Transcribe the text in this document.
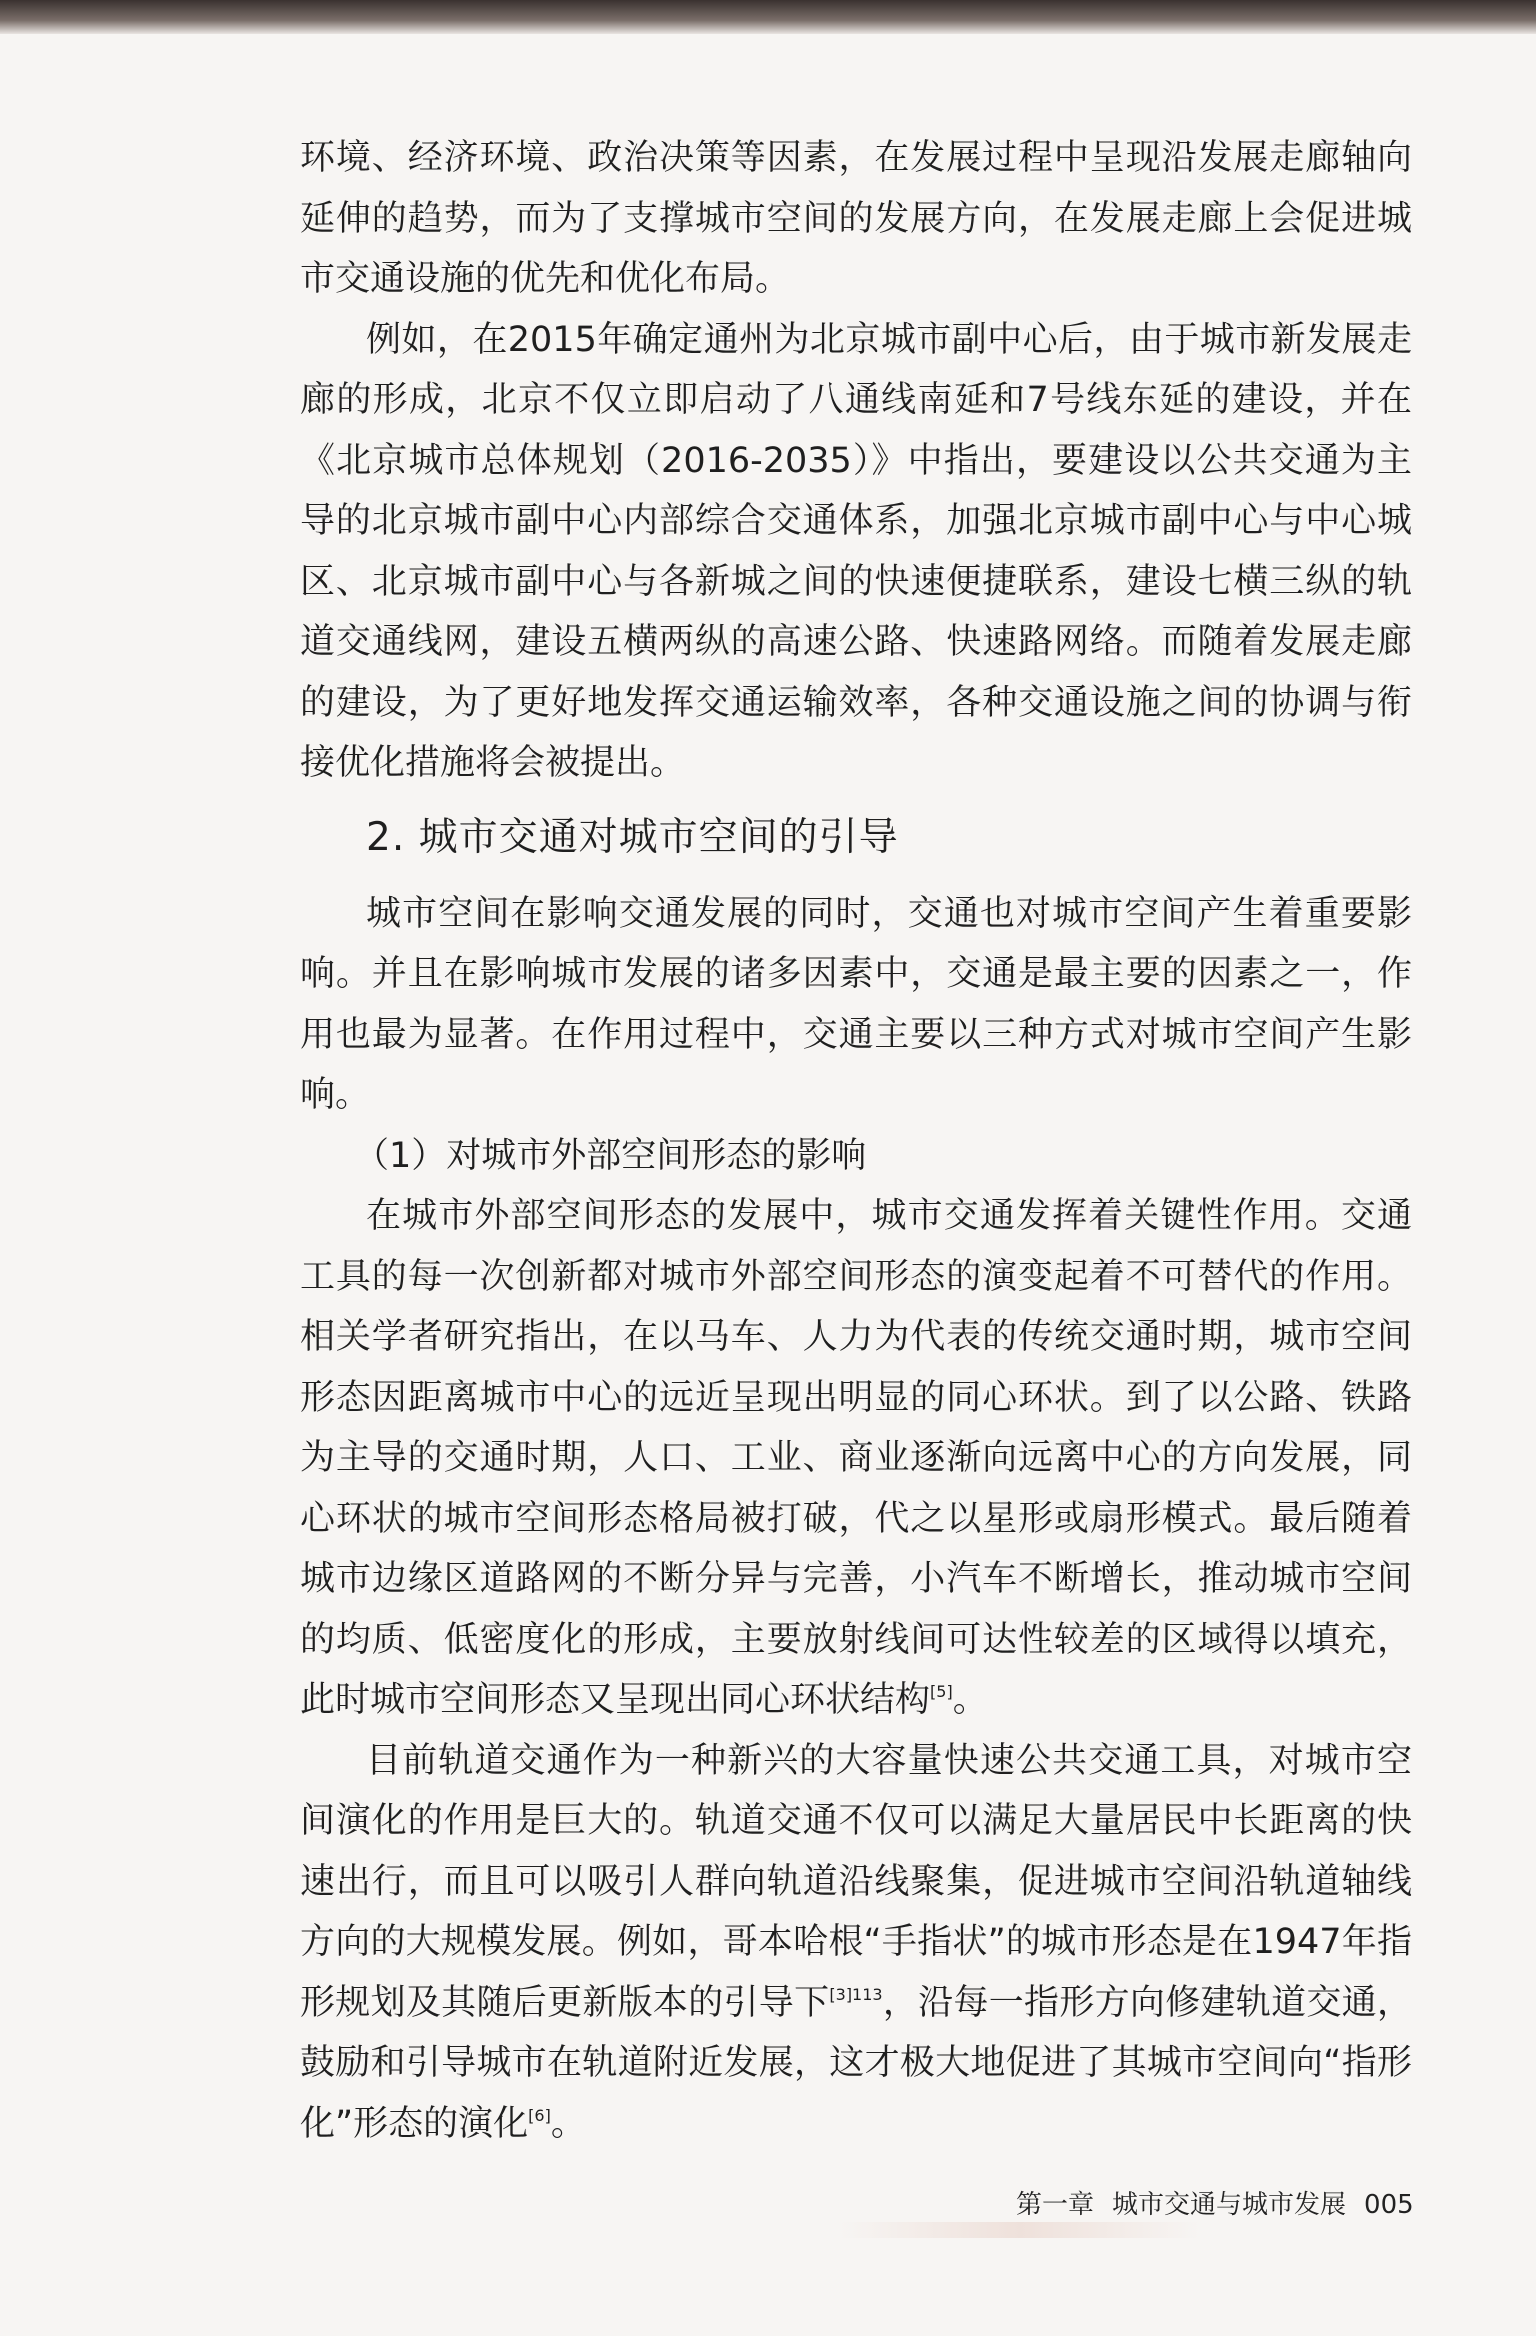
环境、经济环境、政治决策等因素，在发展过程中呈现沿发展走廊轴向延伸的趋势，而为了支撑城市空间的发展方向，在发展走廊上会促进城市交通设施的优先和优化布局。

例如，在2015年确定通州为北京城市副中心后，由于城市新发展走廊的形成，北京不仅立即启动了八通线南延和7号线东延的建设，并在《北京城市总体规划（2016-2035）》中指出，要建设以公共交通为主导的北京城市副中心内部综合交通体系，加强北京城市副中心与中心城区、北京城市副中心与各新城之间的快速便捷联系，建设七横三纵的轨道交通线网，建设五横两纵的高速公路、快速路网络。而随着发展走廊的建设，为了更好地发挥交通运输效率，各种交通设施之间的协调与衔接优化措施将会被提出。

2. 城市交通对城市空间的引导

城市空间在影响交通发展的同时，交通也对城市空间产生着重要影响。并且在影响城市发展的诸多因素中，交通是最主要的因素之一，作用也最为显著。在作用过程中，交通主要以三种方式对城市空间产生影响。

（1）对城市外部空间形态的影响

在城市外部空间形态的发展中，城市交通发挥着关键性作用。交通工具的每一次创新都对城市外部空间形态的演变起着不可替代的作用。相关学者研究指出，在以马车、人力为代表的传统交通时期，城市空间形态因距离城市中心的远近呈现出明显的同心环状。到了以公路、铁路为主导的交通时期，人口、工业、商业逐渐向远离中心的方向发展，同心环状的城市空间形态格局被打破，代之以星形或扇形模式。最后随着城市边缘区道路网的不断分异与完善，小汽车不断增长，推动城市空间的均质、低密度化的形成，主要放射线间可达性较差的区域得以填充，此时城市空间形态又呈现出同心环状结构[5]。

目前轨道交通作为一种新兴的大容量快速公共交通工具，对城市空间演化的作用是巨大的。轨道交通不仅可以满足大量居民中长距离的快速出行，而且可以吸引人群向轨道沿线聚集，促进城市空间沿轨道轴线方向的大规模发展。例如，哥本哈根“手指状”的城市形态是在1947年指形规划及其随后更新版本的引导下$^{[3]113}$，沿每一指形方向修建轨道交通，鼓励和引导城市在轨道附近发展，这才极大地促进了其城市空间向“指形化”形态的演化[6]。

第一章 城市交通与城市发展 005
